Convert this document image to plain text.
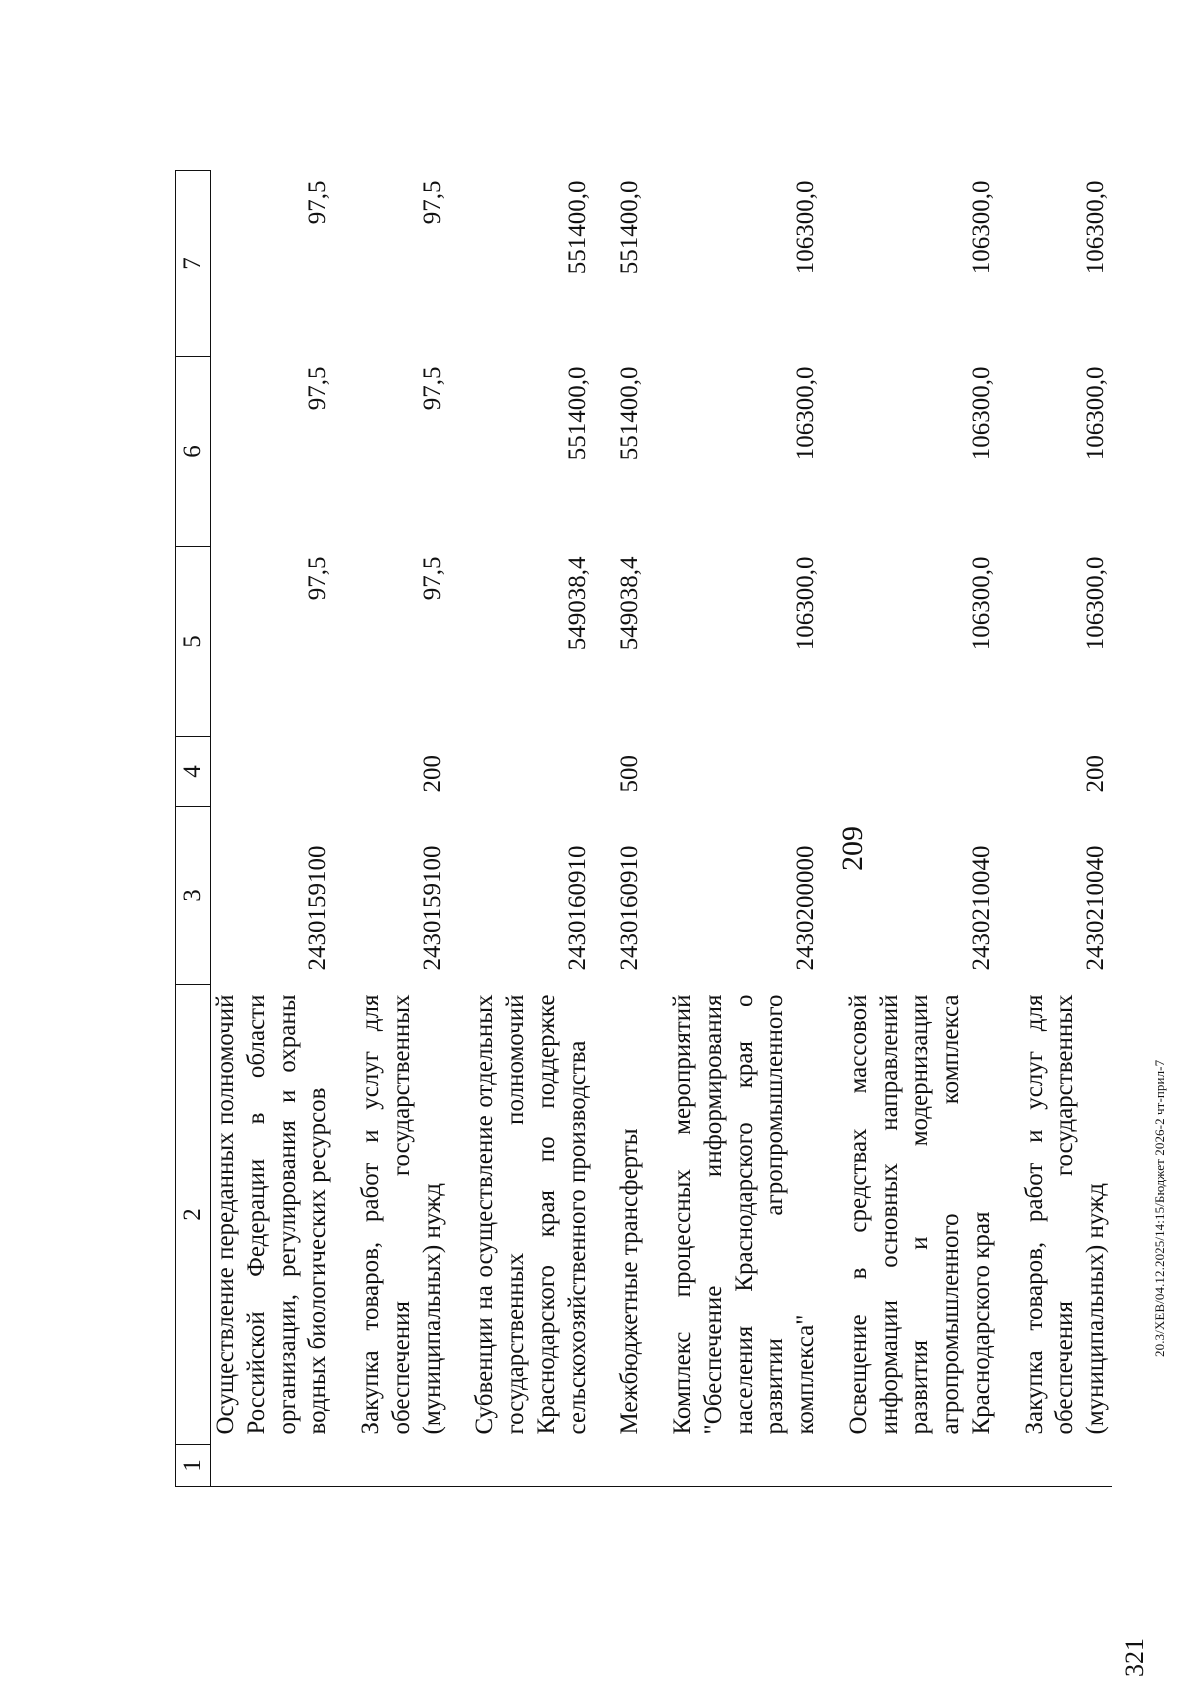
209
1	2	3	4	5	6	7
	Осуществление переданных полномочий Российской Федерации в области организации, регулирования и охраны водных биологических ресурсов	2430159100		97,5	97,5	97,5

	Закупка товаров, работ и услуг для обеспечения государственных (муниципальных) нужд	2430159100	200	97,5	97,5	97,5

	Субвенции на осуществление отдельных государственных полномочий Краснодарского края по поддержке сельскохозяйственного производства	2430160910		549038,4	551400,0	551400,0

	Межбюджетные трансферты	2430160910	500	549038,4	551400,0	551400,0

	Комплекс процессных мероприятий "Обеспечение информирования населения Краснодарского края о развитии агропромышленного комплекса"	2430200000		106300,0	106300,0	106300,0

	Освещение в средствах массовой информации основных направлений развития и модернизации агропромышленного комплекса Краснодарского края	2430210040		106300,0	106300,0	106300,0

	Закупка товаров, работ и услуг для обеспечения государственных (муниципальных) нужд	2430210040	200	106300,0	106300,0	106300,0
321
20.3/ХЕВ/04.12.2025/14:15/Бюджет 2026-2 чт-прил-7
